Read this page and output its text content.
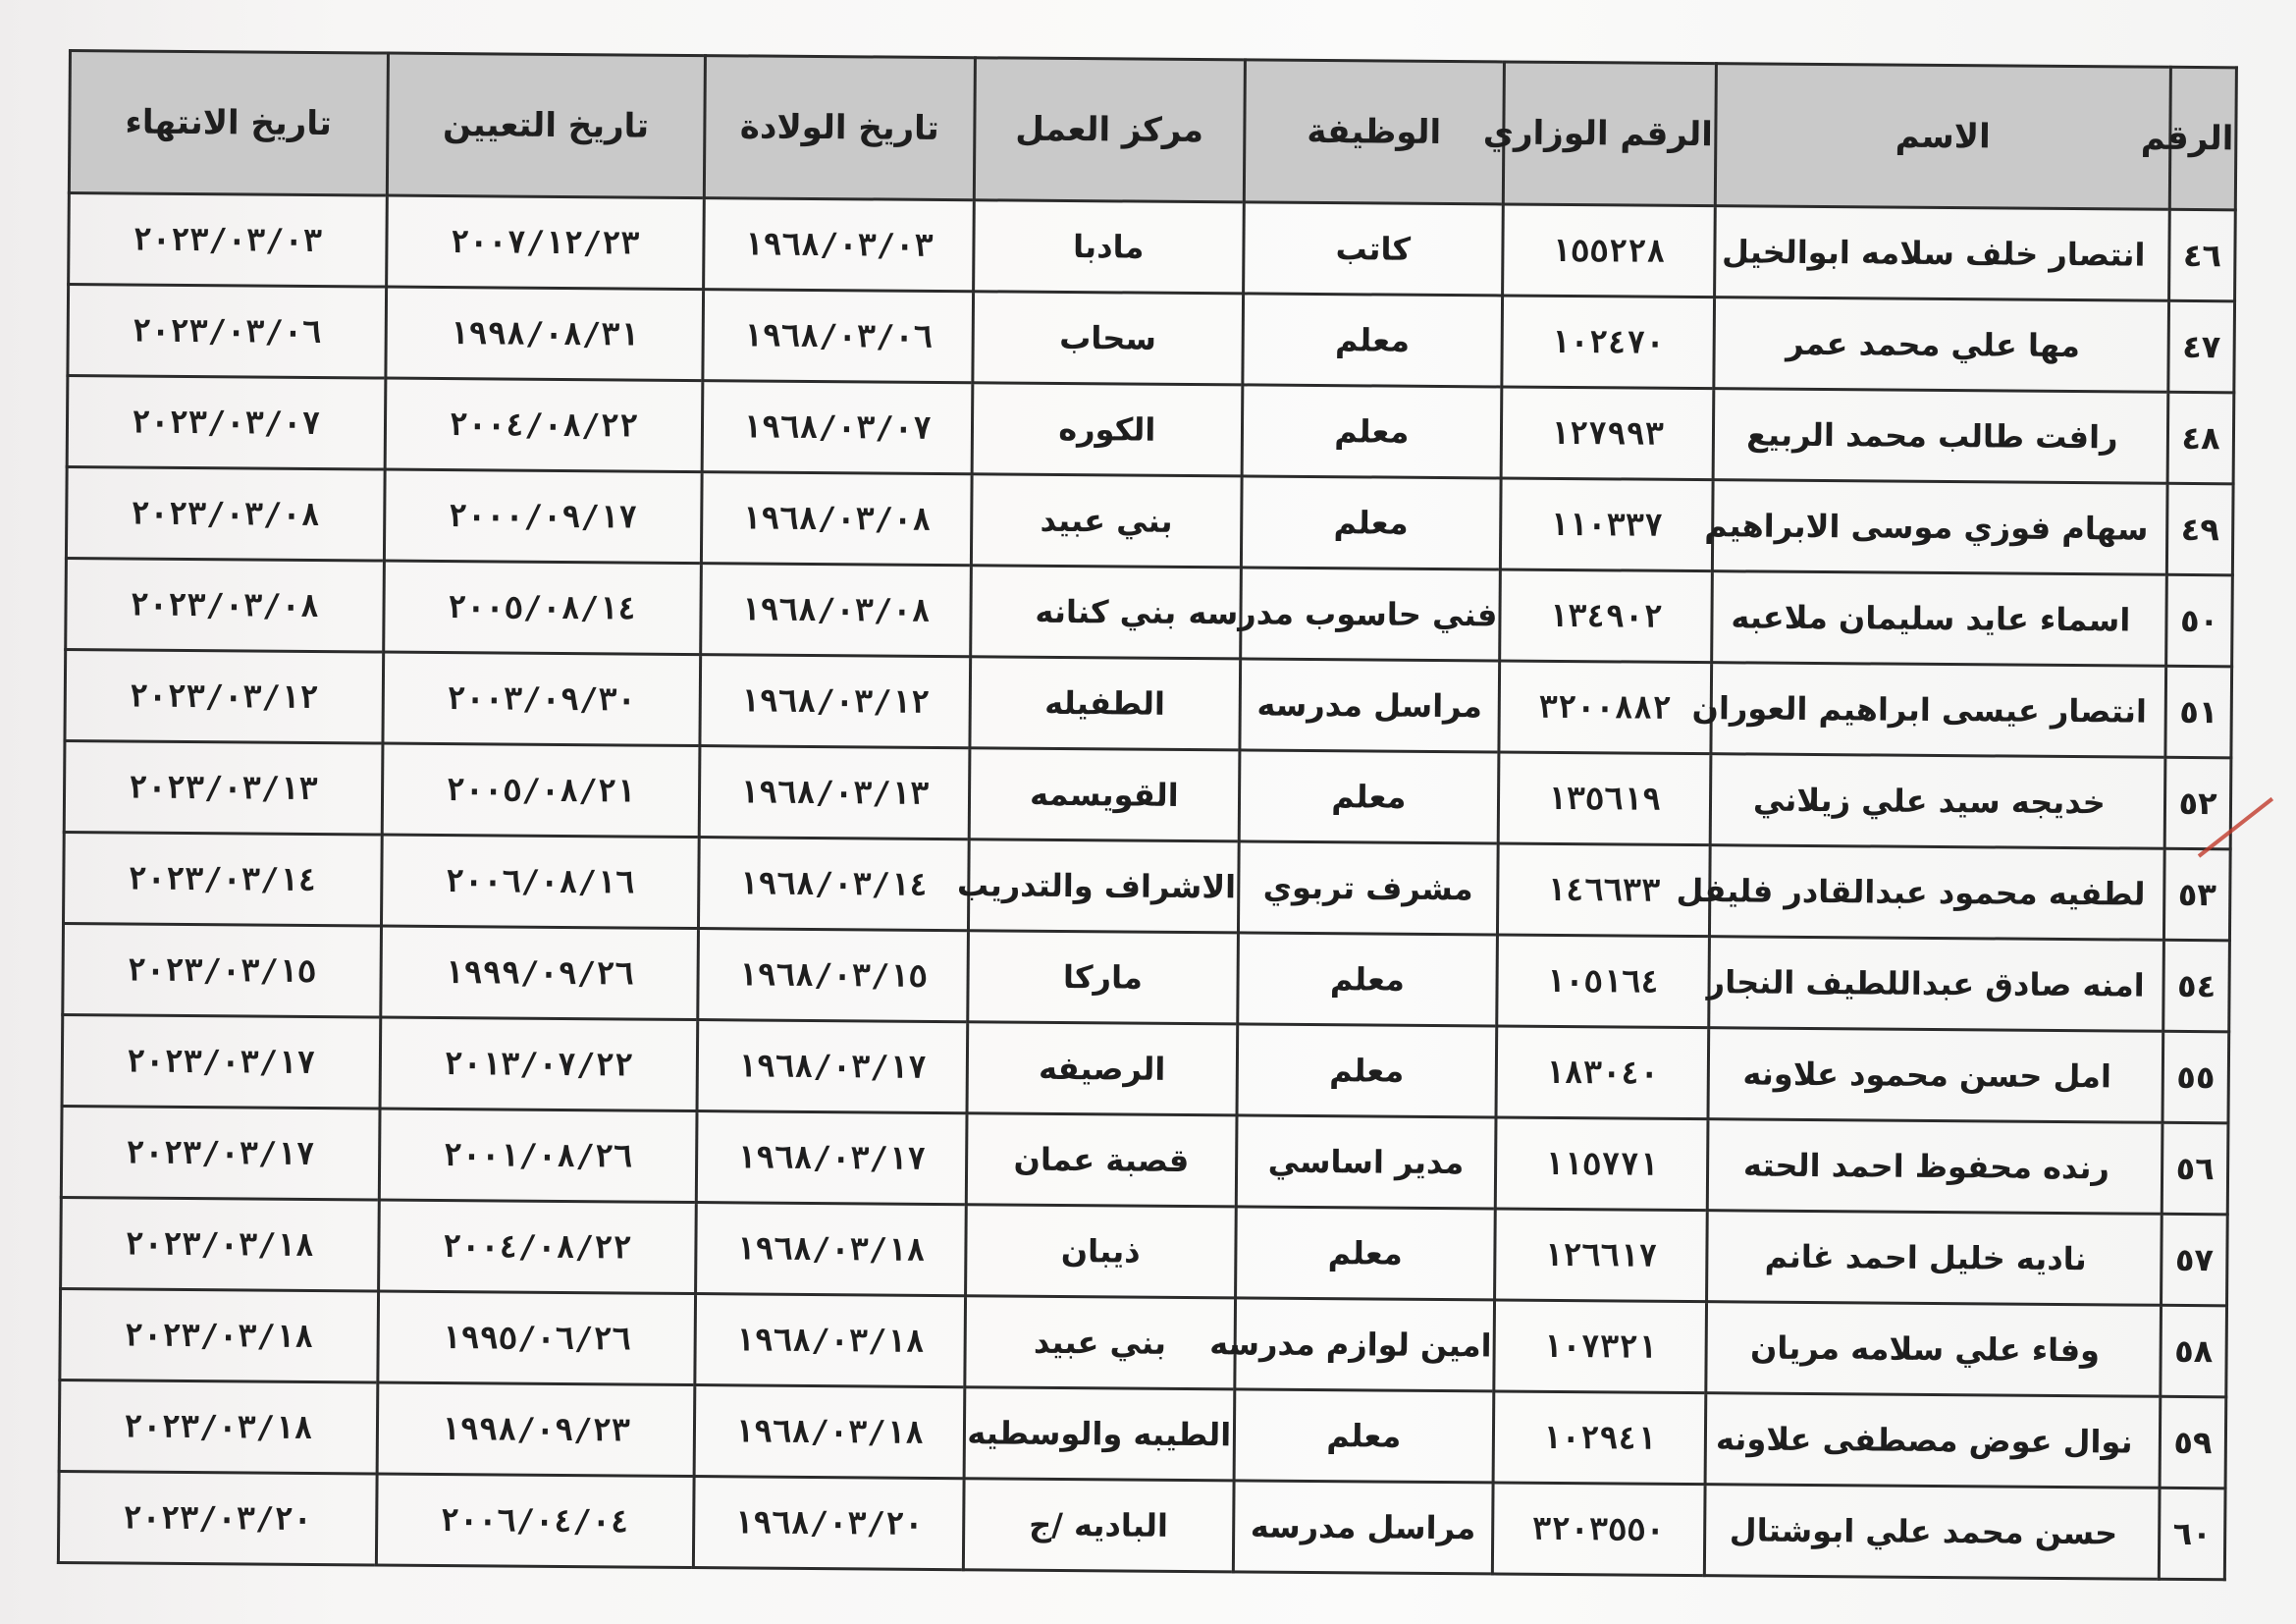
الرقم	الاسم	الرقم الوزاري	الوظيفة	مركز العمل	تاريخ الولادة	تاريخ التعيين	تاريخ الانتهاء
٤٦	انتصار خلف سلامه ابوالخيل	١٥٥٢٢٨	كاتب	مادبا	١٩٦٨/٠٣/٠٣	٢٠٠٧/١٢/٢٣	٢٠٢٣/٠٣/٠٣
٤٧	مها علي محمد عمر	١٠٢٤٧٠	معلم	سحاب	١٩٦٨/٠٣/٠٦	١٩٩٨/٠٨/٣١	٢٠٢٣/٠٣/٠٦
٤٨	رافت طالب محمد الربيع	١٢٧٩٩٣	معلم	الكوره	١٩٦٨/٠٣/٠٧	٢٠٠٤/٠٨/٢٢	٢٠٢٣/٠٣/٠٧
٤٩	سهام فوزي موسى الابراهيم	١١٠٣٣٧	معلم	بني عبيد	١٩٦٨/٠٣/٠٨	٢٠٠٠/٠٩/١٧	٢٠٢٣/٠٣/٠٨
٥٠	اسماء عايد سليمان ملاعبه	١٣٤٩٠٢	فني حاسوب مدرسه	بني كنانه	١٩٦٨/٠٣/٠٨	٢٠٠٥/٠٨/١٤	٢٠٢٣/٠٣/٠٨
٥١	انتصار عيسى ابراهيم العوران	٣٢٠٠٨٨٢	مراسل مدرسه	الطفيله	١٩٦٨/٠٣/١٢	٢٠٠٣/٠٩/٣٠	٢٠٢٣/٠٣/١٢
٥٢	خديجه سيد علي زيلاني	١٣٥٦١٩	معلم	القويسمه	١٩٦٨/٠٣/١٣	٢٠٠٥/٠٨/٢١	٢٠٢٣/٠٣/١٣
٥٣	لطفيه محمود عبدالقادر فليفل	١٤٦٦٣٣	مشرف تربوي	الاشراف والتدريب	١٩٦٨/٠٣/١٤	٢٠٠٦/٠٨/١٦	٢٠٢٣/٠٣/١٤
٥٤	امنه صادق عبداللطيف النجار	١٠٥١٦٤	معلم	ماركا	١٩٦٨/٠٣/١٥	١٩٩٩/٠٩/٢٦	٢٠٢٣/٠٣/١٥
٥٥	امل حسن محمود علاونه	١٨٣٠٤٠	معلم	الرصيفه	١٩٦٨/٠٣/١٧	٢٠١٣/٠٧/٢٢	٢٠٢٣/٠٣/١٧
٥٦	رنده محفوظ احمد الحته	١١٥٧٧١	مدير اساسي	قصبة عمان	١٩٦٨/٠٣/١٧	٢٠٠١/٠٨/٢٦	٢٠٢٣/٠٣/١٧
٥٧	ناديه خليل احمد غانم	١٢٦٦١٧	معلم	ذيبان	١٩٦٨/٠٣/١٨	٢٠٠٤/٠٨/٢٢	٢٠٢٣/٠٣/١٨
٥٨	وفاء علي سلامه مريان	١٠٧٣٢١	امين لوازم مدرسه	بني عبيد	١٩٦٨/٠٣/١٨	١٩٩٥/٠٦/٢٦	٢٠٢٣/٠٣/١٨
٥٩	نوال عوض مصطفى علاونه	١٠٢٩٤١	معلم	الطيبه والوسطيه	١٩٦٨/٠٣/١٨	١٩٩٨/٠٩/٢٣	٢٠٢٣/٠٣/١٨
٦٠	حسن محمد علي ابوشتال	٣٢٠٣٥٥٠	مراسل مدرسه	الباديه /ج	١٩٦٨/٠٣/٢٠	٢٠٠٦/٠٤/٠٤	٢٠٢٣/٠٣/٢٠
